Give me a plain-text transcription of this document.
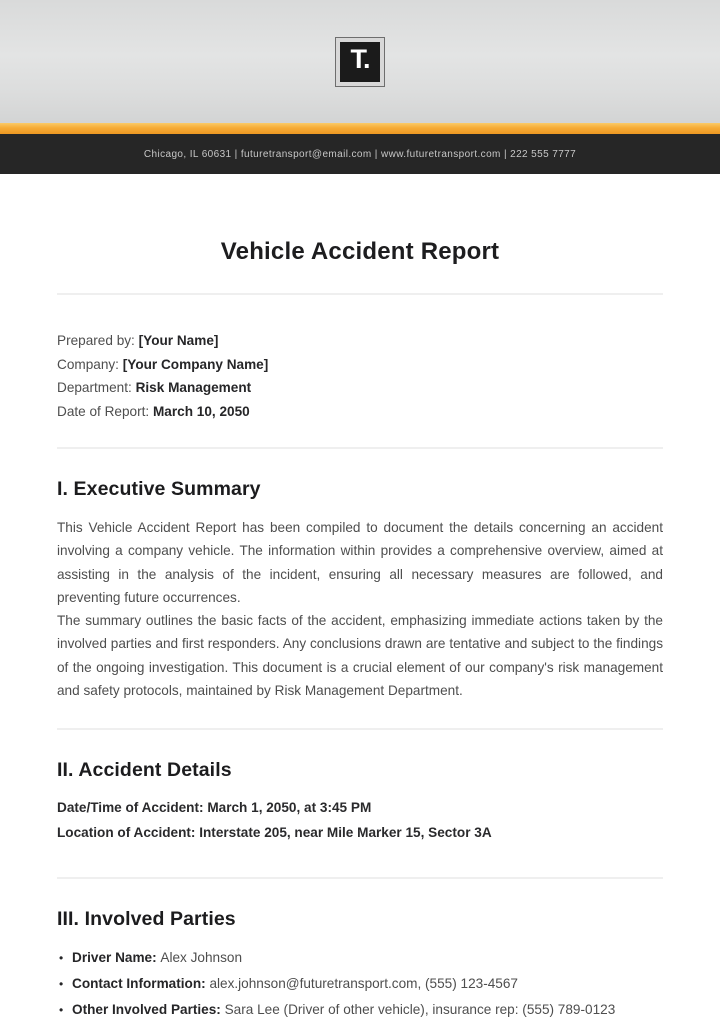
T.
Chicago, IL 60631 | futuretransport@email.com | www.futuretransport.com | 222 555 7777
Vehicle Accident Report
Prepared by: [Your Name]
Company: [Your Company Name]
Department: Risk Management
Date of Report: March 10, 2050
I. Executive Summary

This Vehicle Accident Report has been compiled to document the details concerning an accident involving a company vehicle. The information within provides a comprehensive overview, aimed at assisting in the analysis of the incident, ensuring all necessary measures are followed, and preventing future occurrences.

The summary outlines the basic facts of the accident, emphasizing immediate actions taken by the involved parties and first responders. Any conclusions drawn are tentative and subject to the findings of the ongoing investigation. This document is a crucial element of our company's risk management and safety protocols, maintained by Risk Management Department.

II. Accident Details
Date/Time of Accident: March 1, 2050, at 3:45 PM
Location of Accident: Interstate 205, near Mile Marker 15, Sector 3A
III. Involved Parties
• Driver Name: Alex Johnson
• Contact Information: alex.johnson@futuretransport.com, (555) 123-4567
• Other Involved Parties: Sara Lee (Driver of other vehicle), insurance rep: (555) 789-0123
